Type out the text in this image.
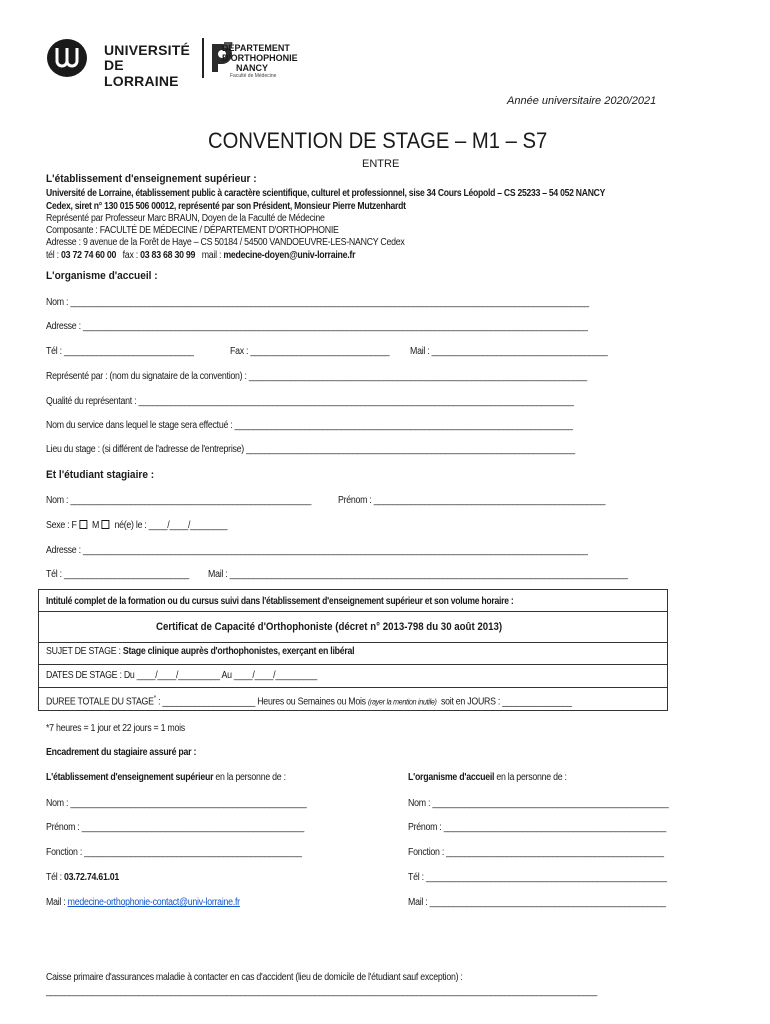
UNIVERSITÉ
DE LORRAINE
DÉPARTEMENT
D'ORTHOPHONIE
NANCY
Faculté de Médecine
Année universitaire 2020/2021
CONVENTION DE STAGE – M1 – S7
ENTRE
L'établissement d'enseignement supérieur :
Université de Lorraine, établissement public à caractère scientifique, culturel et professionnel, sise 34 Cours Léopold – CS 25233 – 54 052 NANCY
Cedex, siret n° 130 015 506 00012, représenté par son Président, Monsieur Pierre Mutzenhardt
Représenté par Professeur Marc BRAUN, Doyen de la Faculté de Médecine
Composante : FACULTÉ DE MÉDECINE / DÉPARTEMENT D'ORTHOPHONIE
Adresse : 9 avenue de la Forêt de Haye – CS 50184 / 54500 VANDOEUVRE-LES-NANCY Cedex
tél : 03 72 74 60 00   fax : 03 83 68 30 99   mail : medecine-doyen@univ-lorraine.fr
L'organisme d'accueil :
Nom : ________________________________________________________________________________________________________________
Adresse : _____________________________________________________________________________________________________________
Tél : ____________________________	Fax : ______________________________ Mail : ______________________________________
Représenté par : (nom du signataire de la convention) : _________________________________________________________________________
Qualité du représentant : ______________________________________________________________________________________________
Nom du service dans lequel le stage sera effectué : _________________________________________________________________________
Lieu du stage : (si différent de l'adresse de l'entreprise) _______________________________________________________________________
Et l'étudiant stagiaire :
Nom : ____________________________________________________	Prénom : __________________________________________________
Sexe : F M né(e) le : ____/____/________
Adresse : _____________________________________________________________________________________________________________
Tél : ___________________________ Mail : ______________________________________________________________________________________
Intitulé complet de la formation ou du cursus suivi dans l'établissement d'enseignement supérieur et son volume horaire :
Certificat de Capacité d'Orthophoniste (décret n° 2013-798 du 30 août 2013)
SUJET DE STAGE : Stage clinique auprès d'orthophonistes, exerçant en libéral
DATES DE STAGE : Du ____/____/_________ Au ____/____/_________
DUREE TOTALE DU STAGE* : ____________________ Heures ou Semaines ou Mois (rayer la mention inutile)  soit en JOURS : _______________
*7 heures = 1 jour et 22 jours = 1 mois
Encadrement du stagiaire assuré par :
L'établissement d'enseignement supérieur en la personne de :	L'organisme d'accueil en la personne de :
Nom : ___________________________________________________
Prénom : ________________________________________________
Fonction : _______________________________________________
Tél : 03.72.74.61.01
Mail : medecine-orthophonie-contact@univ-lorraine.fr
Nom : ___________________________________________________
Prénom : ________________________________________________
Fonction : _______________________________________________
Tél : ____________________________________________________
Mail : ___________________________________________________
Caisse primaire d'assurances maladie à contacter en cas d'accident (lieu de domicile de l'étudiant sauf exception) :
_______________________________________________________________________________________________________________________
